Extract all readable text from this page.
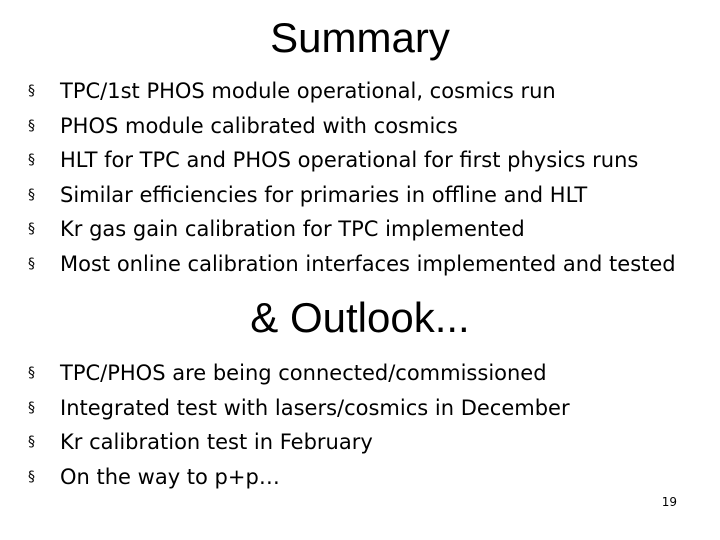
Summary
§ TPC/1st PHOS module operational, cosmics run
§ PHOS module calibrated with cosmics
§ HLT for TPC and PHOS operational for first physics runs
§ Similar efficiencies for primaries in offline and HLT
§ Kr gas gain calibration for TPC implemented
§ Most online calibration interfaces implemented and tested
& Outlook...
§ TPC/PHOS are being connected/commissioned
§ Integrated test with lasers/cosmics in December
§ Kr calibration test in February
§ On the way to p+p…
19
